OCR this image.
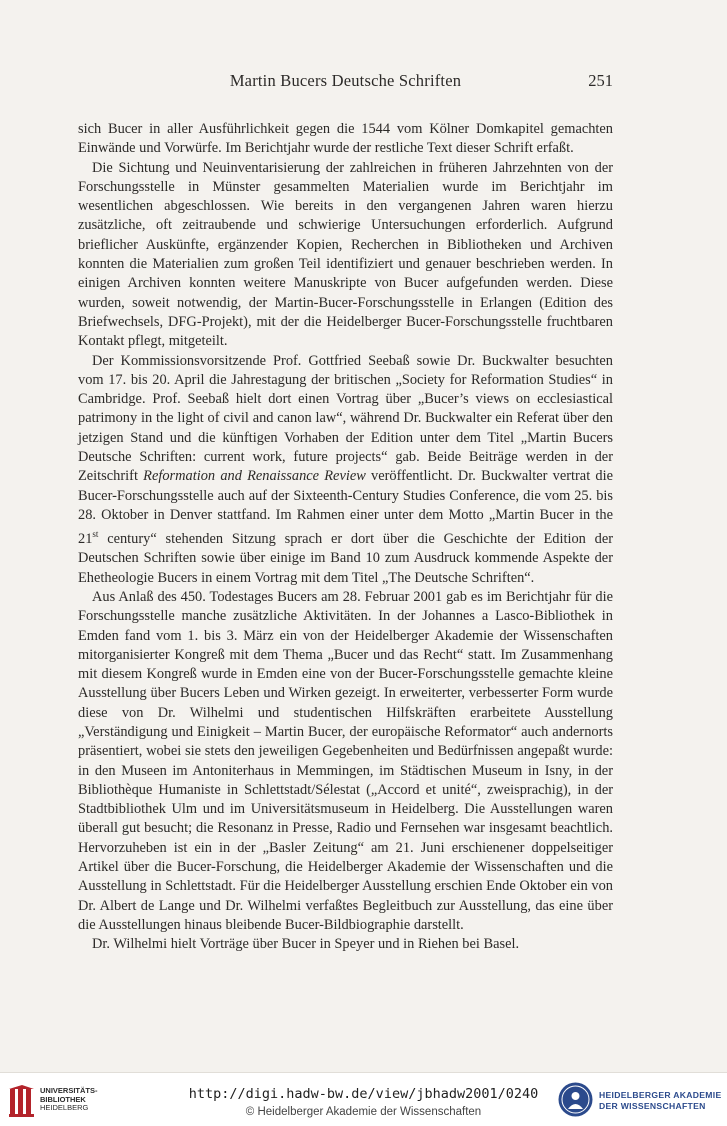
Martin Bucers Deutsche Schriften	251

sich Bucer in aller Ausführlichkeit gegen die 1544 vom Kölner Domkapitel gemachten Einwände und Vorwürfe. Im Berichtjahr wurde der restliche Text dieser Schrift erfaßt.

Die Sichtung und Neuinventarisierung der zahlreichen in früheren Jahrzehnten von der Forschungsstelle in Münster gesammelten Materialien wurde im Berichtjahr im wesentlichen abgeschlossen. Wie bereits in den vergangenen Jahren waren hierzu zusätzliche, oft zeitraubende und schwierige Untersuchungen erforderlich. Aufgrund brieflicher Auskünfte, ergänzender Kopien, Recherchen in Bibliotheken und Archiven konnten die Materialien zum großen Teil identifiziert und genauer beschrieben werden. In einigen Archiven konnten weitere Manuskripte von Bucer aufgefunden werden. Diese wurden, soweit notwendig, der Martin-Bucer-Forschungsstelle in Erlangen (Edition des Briefwechsels, DFG-Projekt), mit der die Heidelberger Bucer-Forschungsstelle fruchtbaren Kontakt pflegt, mitgeteilt.

Der Kommissionsvorsitzende Prof. Gottfried Seebaß sowie Dr. Buckwalter besuchten vom 17. bis 20. April die Jahrestagung der britischen „Society for Reformation Studies“ in Cambridge. Prof. Seebaß hielt dort einen Vortrag über „Bucer’s views on ecclesiastical patrimony in the light of civil and canon law“, während Dr. Buckwalter ein Referat über den jetzigen Stand und die künftigen Vorhaben der Edition unter dem Titel „Martin Bucers Deutsche Schriften: current work, future projects“ gab. Beide Beiträge werden in der Zeitschrift Reformation and Renaissance Review veröffentlicht. Dr. Buckwalter vertrat die Bucer-Forschungsstelle auch auf der Sixteenth-Century Studies Conference, die vom 25. bis 28. Oktober in Denver stattfand. Im Rahmen einer unter dem Motto „Martin Bucer in the 21st century“ stehenden Sitzung sprach er dort über die Geschichte der Edition der Deutschen Schriften sowie über einige im Band 10 zum Ausdruck kommende Aspekte der Ehetheologie Bucers in einem Vortrag mit dem Titel „The Deutsche Schriften“.

Aus Anlaß des 450. Todestages Bucers am 28. Februar 2001 gab es im Berichtjahr für die Forschungsstelle manche zusätzliche Aktivitäten. In der Johannes a Lasco-Bibliothek in Emden fand vom 1. bis 3. März ein von der Heidelberger Akademie der Wissenschaften mitorganisierter Kongreß mit dem Thema „Bucer und das Recht“ statt. Im Zusammenhang mit diesem Kongreß wurde in Emden eine von der Bucer-Forschungsstelle gemachte kleine Ausstellung über Bucers Leben und Wirken gezeigt. In erweiterter, verbesserter Form wurde diese von Dr. Wilhelmi und studentischen Hilfskräften erarbeitete Ausstellung „Verständigung und Einigkeit – Martin Bucer, der europäische Reformator“ auch andernorts präsentiert, wobei sie stets den jeweiligen Gegebenheiten und Bedürfnissen angepaßt wurde: in den Museen im Antoniterhaus in Memmingen, im Städtischen Museum in Isny, in der Bibliothèque Humaniste in Schlettstadt/Sélestat („Accord et unité“, zweisprachig), in der Stadtbibliothek Ulm und im Universitätsmuseum in Heidelberg. Die Ausstellungen waren überall gut besucht; die Resonanz in Presse, Radio und Fernsehen war insgesamt beachtlich. Hervorzuheben ist ein in der „Basler Zeitung“ am 21. Juni erschienener doppelseitiger Artikel über die Bucer-Forschung, die Heidelberger Akademie der Wissenschaften und die Ausstellung in Schlettstadt. Für die Heidelberger Ausstellung erschien Ende Oktober ein von Dr. Albert de Lange und Dr. Wilhelmi verfaßtes Begleitbuch zur Ausstellung, das eine über die Ausstellungen hinaus bleibende Bucer-Bildbiographie darstellt.

Dr. Wilhelmi hielt Vorträge über Bucer in Speyer und in Riehen bei Basel.

UNIVERSITÄTS-
BIBLIOTHEK
HEIDELBERG
http://digi.hadw-bw.de/view/jbhadw2001/0240
© Heidelberger Akademie der Wissenschaften
HEIDELBERGER AKADEMIE
DER WISSENSCHAFTEN
